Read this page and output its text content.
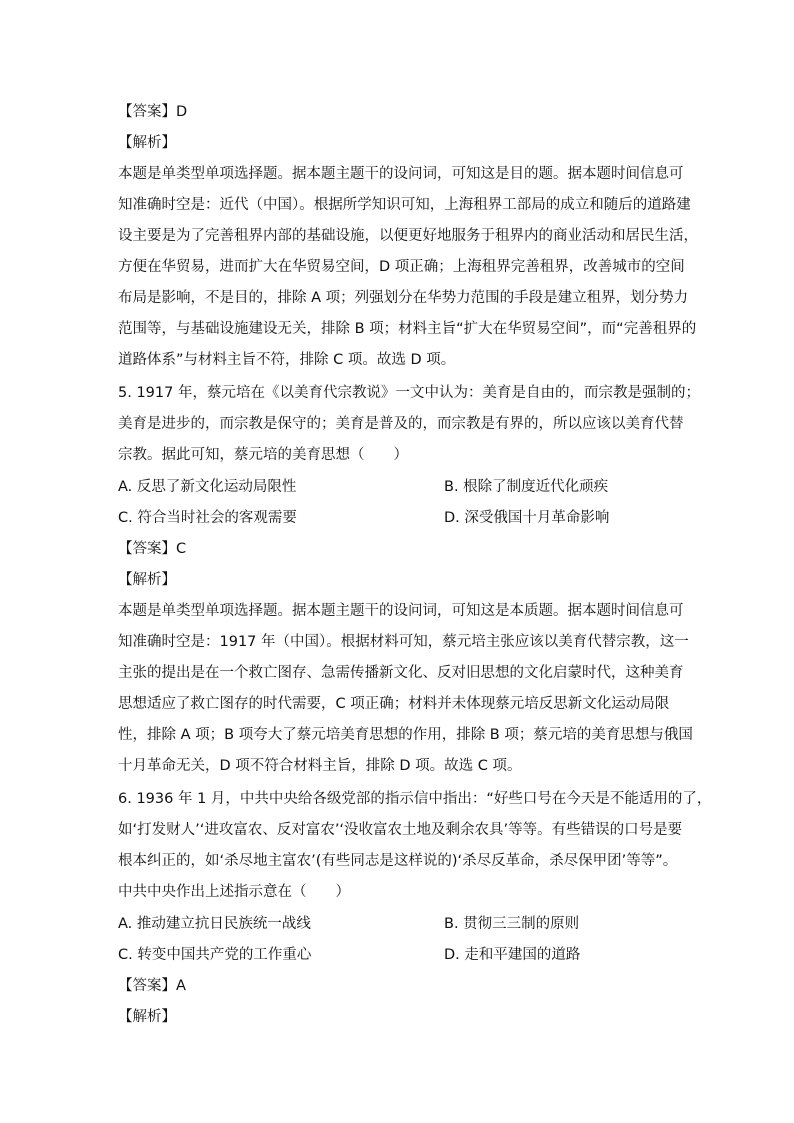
【答案】D
【解析】
本题是单类型单项选择题。据本题主题干的设问词，可知这是目的题。据本题时间信息可
知准确时空是：近代（中国）。根据所学知识可知，上海租界工部局的成立和随后的道路建
设主要是为了完善租界内部的基础设施，以便更好地服务于租界内的商业活动和居民生活，
方便在华贸易，进而扩大在华贸易空间，D 项正确；上海租界完善租界，改善城市的空间
布局是影响，不是目的，排除 A 项；列强划分在华势力范围的手段是建立租界，划分势力
范围等，与基础设施建设无关，排除 B 项；材料主旨“扩大在华贸易空间”，而“完善租界的
道路体系”与材料主旨不符，排除 C 项。故选 D 项。
5. 1917 年，蔡元培在《以美育代宗教说》一文中认为：美育是自由的，而宗教是强制的；
美育是进步的，而宗教是保守的；美育是普及的，而宗教是有界的，所以应该以美育代替
宗教。据此可知，蔡元培的美育思想（　　）
A. 反思了新文化运动局限性	B. 根除了制度近代化顽疾
C. 符合当时社会的客观需要	D. 深受俄国十月革命影响
【答案】C
【解析】
本题是单类型单项选择题。据本题主题干的设问词，可知这是本质题。据本题时间信息可
知准确时空是：1917 年（中国）。根据材料可知，蔡元培主张应该以美育代替宗教，这一
主张的提出是在一个救亡图存、急需传播新文化、反对旧思想的文化启蒙时代，这种美育
思想适应了救亡图存的时代需要，C 项正确；材料并未体现蔡元培反思新文化运动局限
性，排除 A 项；B 项夸大了蔡元培美育思想的作用，排除 B 项；蔡元培的美育思想与俄国
十月革命无关，D 项不符合材料主旨，排除 D 项。故选 C 项。
6. 1936 年 1 月，中共中央给各级党部的指示信中指出：“好些口号在今天是不能适用的了，
如‘打发财人’‘进攻富农、反对富农’‘没收富农土地及剩余农具’等等。有些错误的口号是要
根本纠正的，如‘杀尽地主富农’(有些同志是这样说的)‘杀尽反革命，杀尽保甲团’等等”。
中共中央作出上述指示意在（　　）
A. 推动建立抗日民族统一战线	B. 贯彻三三制的原则
C. 转变中国共产党的工作重心	D. 走和平建国的道路
【答案】A
【解析】
